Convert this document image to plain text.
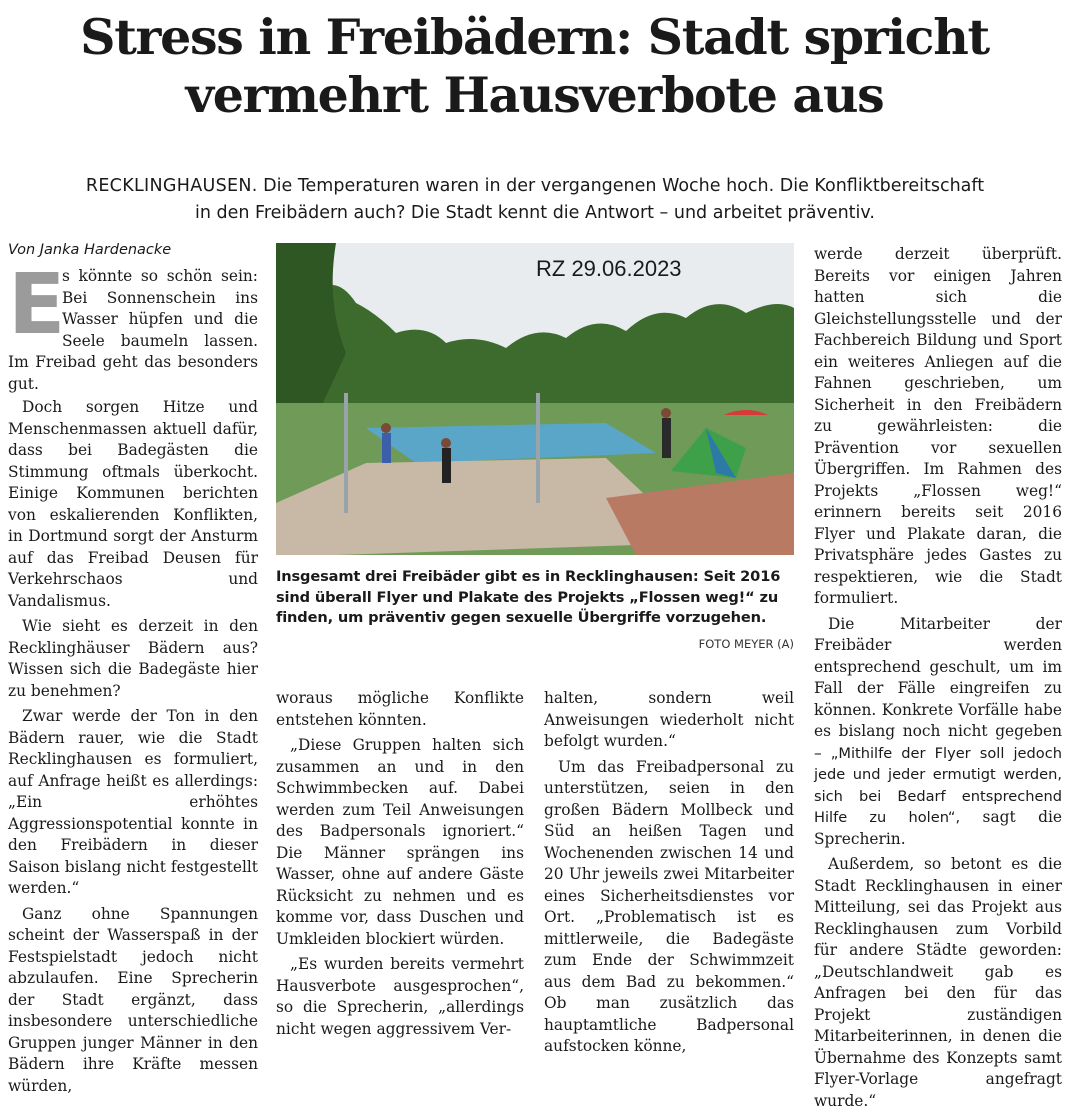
Stress in Freibädern: Stadt spricht
vermehrt Hausverbote aus
RECKLINGHAUSEN. Die Temperaturen waren in der vergangenen Woche hoch. Die Konfliktbereitschaft
in den Freibädern auch? Die Stadt kennt die Antwort – und arbeitet präventiv.
Von Janka Hardenacke

E
s könnte so schön sein: Bei Sonnenschein ins Wasser hüpfen und die Seele baumeln lassen. Im Freibad geht das besonders gut.

Doch sorgen Hitze und Menschenmassen aktuell dafür, dass bei Badegästen die Stimmung oftmals überkocht. Einige Kommunen berichten von eskalierenden Konflikten, in Dortmund sorgt der Ansturm auf das Freibad Deusen für Verkehrschaos und Vandalismus.

Wie sieht es derzeit in den Recklinghäuser Bädern aus? Wissen sich die Badegäste hier zu benehmen?

Zwar werde der Ton in den Bädern rauer, wie die Stadt Recklinghausen es formuliert, auf Anfrage heißt es allerdings: „Ein erhöhtes Aggressionspotential konnte in den Freibädern in dieser Saison bislang nicht festgestellt werden.“

Ganz ohne Spannungen scheint der Wasserspaß in der Festspielstadt jedoch nicht abzulaufen. Eine Sprecherin der Stadt ergänzt, dass insbesondere unterschiedliche Gruppen junger Männer in den Bädern ihre Kräfte messen würden,

RZ 29.06.2023
Insgesamt drei Freibäder gibt es in Recklinghausen: Seit 2016 sind überall Flyer und Plakate des Projekts „Flossen weg!“ zu finden, um präventiv gegen sexuelle Übergriffe vorzugehen.
FOTO MEYER (A)

woraus mögliche Konflikte entstehen könnten.

„Diese Gruppen halten sich zusammen an und in den Schwimmbecken auf. Dabei werden zum Teil Anweisungen des Badpersonals ignoriert.“ Die Männer sprängen ins Wasser, ohne auf andere Gäste Rücksicht zu nehmen und es komme vor, dass Duschen und Umkleiden blockiert würden.

„Es wurden bereits vermehrt Hausverbote ausgesprochen“, so die Sprecherin, „allerdings nicht wegen aggressivem Ver-

halten, sondern weil Anweisungen wiederholt nicht befolgt wurden.“

Um das Freibadpersonal zu unterstützen, seien in den großen Bädern Mollbeck und Süd an heißen Tagen und Wochenenden zwischen 14 und 20 Uhr jeweils zwei Mitarbeiter eines Sicherheitsdienstes vor Ort. „Problematisch ist es mittlerweile, die Badegäste zum Ende der Schwimmzeit aus dem Bad zu bekommen.“ Ob man zusätzlich das hauptamtliche Badpersonal aufstocken könne,

werde derzeit überprüft. Bereits vor einigen Jahren hatten sich die Gleichstellungsstelle und der Fachbereich Bildung und Sport ein weiteres Anliegen auf die Fahnen geschrieben, um Sicherheit in den Freibädern zu gewährleisten: die Prävention vor sexuellen Übergriffen. Im Rahmen des Projekts „Flossen weg!“ erinnern bereits seit 2016 Flyer und Plakate daran, die Privatsphäre jedes Gastes zu respektieren, wie die Stadt formuliert.

Die Mitarbeiter der Freibäder werden entsprechend geschult, um im Fall der Fälle eingreifen zu können. Konkrete Vorfälle habe es bislang noch nicht gegeben – „Mithilfe der Flyer soll jedoch jede und jeder ermutigt werden, sich bei Bedarf entsprechend Hilfe zu holen“, sagt die Sprecherin.

Außerdem, so betont es die Stadt Recklinghausen in einer Mitteilung, sei das Projekt aus Recklinghausen zum Vorbild für andere Städte geworden: „Deutschlandweit gab es Anfragen bei den für das Projekt zuständigen Mitarbeiterinnen, in denen die Übernahme des Konzepts samt Flyer-Vorlage angefragt wurde.“
